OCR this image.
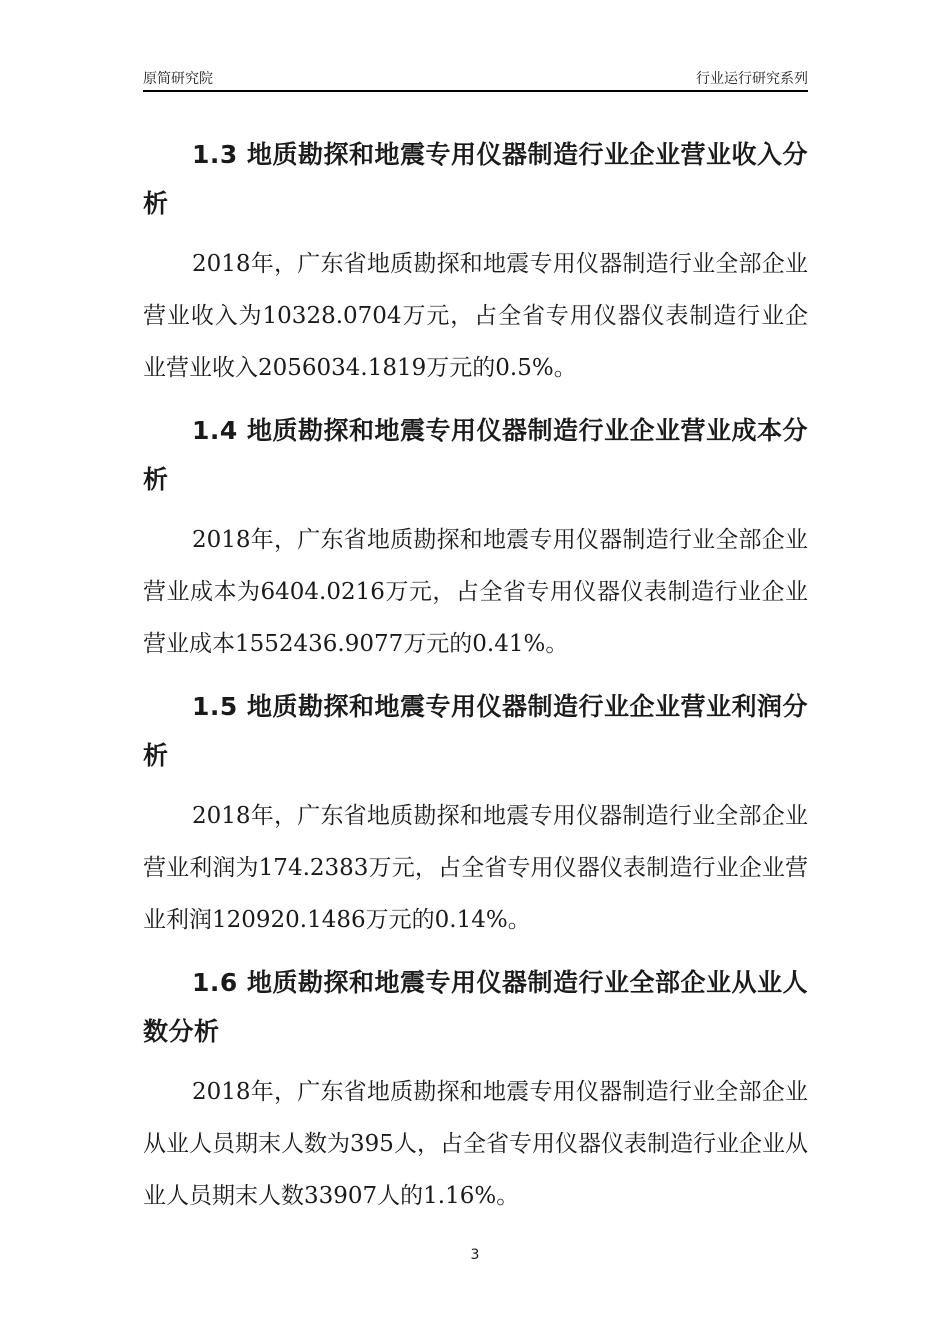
原简研究院	行业运行研究系列
1.3 地质勘探和地震专用仪器制造行业企业营业收入分析

2018年，广东省地质勘探和地震专用仪器制造行业全部企业营业收入为10328.0704万元，占全省专用仪器仪表制造行业企业营业收入2056034.1819万元的0.5%。

1.4 地质勘探和地震专用仪器制造行业企业营业成本分析

2018年，广东省地质勘探和地震专用仪器制造行业全部企业营业成本为6404.0216万元，占全省专用仪器仪表制造行业企业营业成本1552436.9077万元的0.41%。

1.5 地质勘探和地震专用仪器制造行业企业营业利润分析

2018年，广东省地质勘探和地震专用仪器制造行业全部企业营业利润为174.2383万元，占全省专用仪器仪表制造行业企业营业利润120920.1486万元的0.14%。

1.6 地质勘探和地震专用仪器制造行业全部企业从业人数分析

2018年，广东省地质勘探和地震专用仪器制造行业全部企业从业人员期末人数为395人，占全省专用仪器仪表制造行业企业从业人员期末人数33907人的1.16%。

3
